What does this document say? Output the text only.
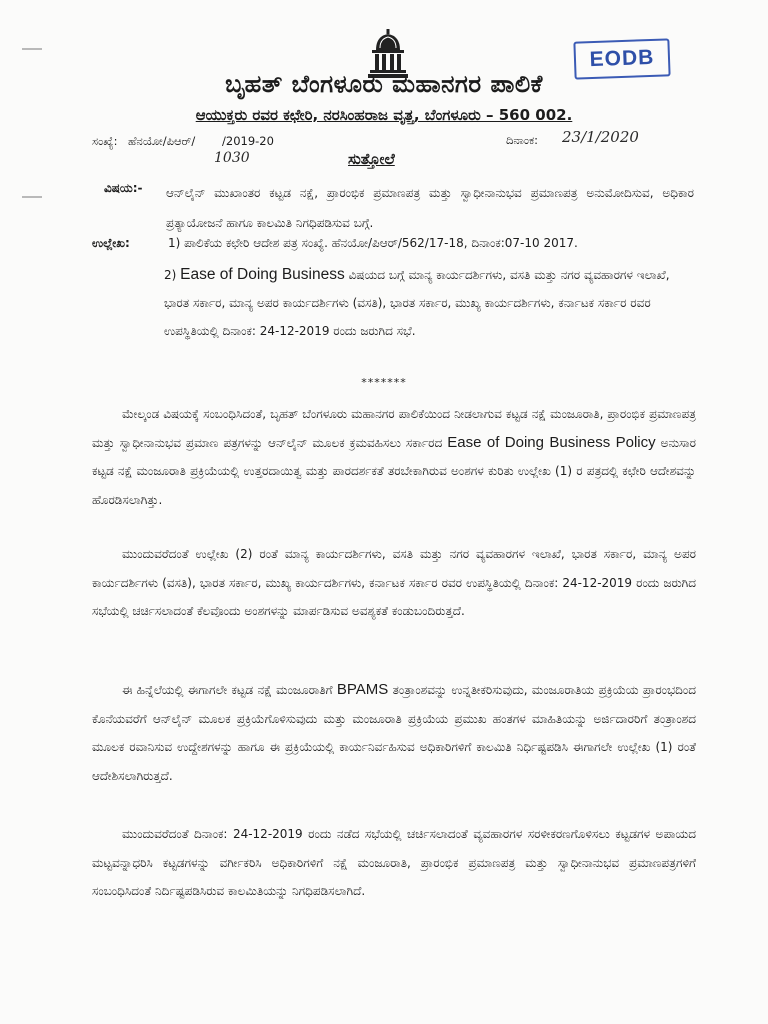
EODB
ಬೃಹತ್ ಬೆಂಗಳೂರು ಮಹಾನಗರ ಪಾಲಿಕೆ
ಆಯುಕ್ತರು ರವರ ಕಛೇರಿ, ನರಸಿಂಹರಾಜ ವೃತ್ತ, ಬೆಂಗಳೂರು – 560 002.
ಸಂಖ್ಯೆ: ಹೆನಯೋ/ಪಿಆರ್/ /2019-20	ದಿನಾಂಕ: 23/1/2020
1030	ಸುತ್ತೋಲೆ
ವಿಷಯ:- ಆನ್‌ಲೈನ್ ಮುಖಾಂತರ ಕಟ್ಟಡ ನಕ್ಷೆ, ಪ್ರಾರಂಭಿಕ ಪ್ರಮಾಣಪತ್ರ ಮತ್ತು ಸ್ವಾಧೀನಾನುಭವ ಪ್ರಮಾಣಪತ್ರ ಅನುಮೋದಿಸುವ, ಅಧಿಕಾರ ಪ್ರತ್ಯಾಯೋಜನೆ ಹಾಗೂ ಕಾಲಮಿತಿ ನಿಗಧಿಪಡಿಸುವ ಬಗ್ಗೆ.
ಉಲ್ಲೇಖ:	1) ಪಾಲಿಕೆಯ ಕಛೇರಿ ಆದೇಶ ಪತ್ರ ಸಂಖ್ಯೆ. ಹೆನಯೋ/ಪಿಆರ್/562/17-18, ದಿನಾಂಕ:07-10 2017.
2) Ease of Doing Business ವಿಷಯದ ಬಗ್ಗೆ ಮಾನ್ಯ ಕಾರ್ಯದರ್ಶಿಗಳು, ವಸತಿ ಮತ್ತು ನಗರ ವ್ಯವಹಾರಗಳ ಇಲಾಖೆ, ಭಾರತ ಸರ್ಕಾರ, ಮಾನ್ಯ ಅಪರ ಕಾರ್ಯದರ್ಶಿಗಳು (ವಸತಿ), ಭಾರತ ಸರ್ಕಾರ, ಮುಖ್ಯ ಕಾರ್ಯದರ್ಶಿಗಳು, ಕರ್ನಾಟಕ ಸರ್ಕಾರ ರವರ ಉಪಸ್ಥಿತಿಯಲ್ಲಿ ದಿನಾಂಕ: 24-12-2019 ರಂದು ಜರುಗಿದ ಸಭೆ.
*******
ಮೇಲ್ಕಂಡ ವಿಷಯಕ್ಕೆ ಸಂಬಂಧಿಸಿದಂತೆ, ಬೃಹತ್ ಬೆಂಗಳೂರು ಮಹಾನಗರ ಪಾಲಿಕೆಯಿಂದ ನೀಡಲಾಗುವ ಕಟ್ಟಡ ನಕ್ಷೆ ಮಂಜೂರಾತಿ, ಪ್ರಾರಂಭಿಕ ಪ್ರಮಾಣಪತ್ರ ಮತ್ತು ಸ್ವಾಧೀನಾನುಭವ ಪ್ರಮಾಣ ಪತ್ರಗಳನ್ನು ಆನ್‌ಲೈನ್ ಮೂಲಕ ಕ್ರಮವಹಿಸಲು ಸರ್ಕಾರದ Ease of Doing Business Policy ಅನುಸಾರ ಕಟ್ಟಡ ನಕ್ಷೆ ಮಂಜೂರಾತಿ ಪ್ರಕ್ರಿಯೆಯಲ್ಲಿ ಉತ್ತರದಾಯಿತ್ವ ಮತ್ತು ಪಾರದರ್ಶಕತೆ ತರಬೇಕಾಗಿರುವ ಅಂಶಗಳ ಕುರಿತು ಉಲ್ಲೇಖ (1) ರ ಪತ್ರದಲ್ಲಿ ಕಛೇರಿ ಆದೇಶವನ್ನು ಹೊರಡಿಸಲಾಗಿತ್ತು.
ಮುಂದುವರೆದಂತೆ ಉಲ್ಲೇಖ (2) ರಂತೆ ಮಾನ್ಯ ಕಾರ್ಯದರ್ಶಿಗಳು, ವಸತಿ ಮತ್ತು ನಗರ ವ್ಯವಹಾರಗಳ ಇಲಾಖೆ, ಭಾರತ ಸರ್ಕಾರ, ಮಾನ್ಯ ಅಪರ ಕಾರ್ಯದರ್ಶಿಗಳು (ವಸತಿ), ಭಾರತ ಸರ್ಕಾರ, ಮುಖ್ಯ ಕಾರ್ಯದರ್ಶಿಗಳು, ಕರ್ನಾಟಕ ಸರ್ಕಾರ ರವರ ಉಪಸ್ಥಿತಿಯಲ್ಲಿ ದಿನಾಂಕ: 24-12-2019 ರಂದು ಜರುಗಿದ ಸಭೆಯಲ್ಲಿ ಚರ್ಚಿಸಲಾದಂತೆ ಕೆಲವೊಂದು ಅಂಶಗಳನ್ನು ಮಾರ್ಪಡಿಸುವ ಅವಶ್ಯಕತೆ ಕಂಡುಬಂದಿರುತ್ತದೆ.
ಈ ಹಿನ್ನೆಲೆಯಲ್ಲಿ ಈಗಾಗಲೇ ಕಟ್ಟಡ ನಕ್ಷೆ ಮಂಜೂರಾತಿಗೆ BPAMS ತಂತ್ರಾಂಶವನ್ನು ಉನ್ನತೀಕರಿಸುವುದು, ಮಂಜೂರಾತಿಯ ಪ್ರಕ್ರಿಯೆಯ ಪ್ರಾರಂಭದಿಂದ ಕೊನೆಯವರೆಗೆ ಆನ್‌ಲೈನ್ ಮೂಲಕ ಪ್ರಕ್ರಿಯೆಗೊಳಿಸುವುದು ಮತ್ತು ಮಂಜೂರಾತಿ ಪ್ರಕ್ರಿಯೆಯ ಪ್ರಮುಖ ಹಂತಗಳ ಮಾಹಿತಿಯನ್ನು ಅರ್ಜಿದಾರರಿಗೆ ತಂತ್ರಾಂಶದ ಮೂಲಕ ರವಾನಿಸುವ ಉದ್ದೇಶಗಳನ್ನು ಹಾಗೂ ಈ ಪ್ರಕ್ರಿಯೆಯಲ್ಲಿ ಕಾರ್ಯನಿರ್ವಹಿಸುವ ಅಧಿಕಾರಿಗಳಿಗೆ ಕಾಲಮಿತಿ ನಿರ್ಧಿಷ್ಟಪಡಿಸಿ ಈಗಾಗಲೇ ಉಲ್ಲೇಖ (1) ರಂತೆ ಆದೇಶಿಸಲಾಗಿರುತ್ತದೆ.
ಮುಂದುವರೆದಂತೆ ದಿನಾಂಕ: 24-12-2019 ರಂದು ನಡೆದ ಸಭೆಯಲ್ಲಿ ಚರ್ಚಿಸಲಾದಂತೆ ವ್ಯವಹಾರಗಳ ಸರಳೀಕರಣಗೊಳಿಸಲು ಕಟ್ಟಡಗಳ ಅಪಾಯದ ಮಟ್ಟವನ್ನಾಧರಿಸಿ ಕಟ್ಟಡಗಳನ್ನು ವರ್ಗೀಕರಿಸಿ ಅಧಿಕಾರಿಗಳಿಗೆ ನಕ್ಷೆ ಮಂಜೂರಾತಿ, ಪ್ರಾರಂಭಿಕ ಪ್ರಮಾಣಪತ್ರ ಮತ್ತು ಸ್ವಾಧೀನಾನುಭವ ಪ್ರಮಾಣಪತ್ರಗಳಿಗೆ ಸಂಬಂಧಿಸಿದಂತೆ ನಿರ್ದಿಷ್ಟಪಡಿಸಿರುವ ಕಾಲಮಿತಿಯನ್ನು ನಿಗಧಿಪಡಿಸಲಾಗಿದೆ.
